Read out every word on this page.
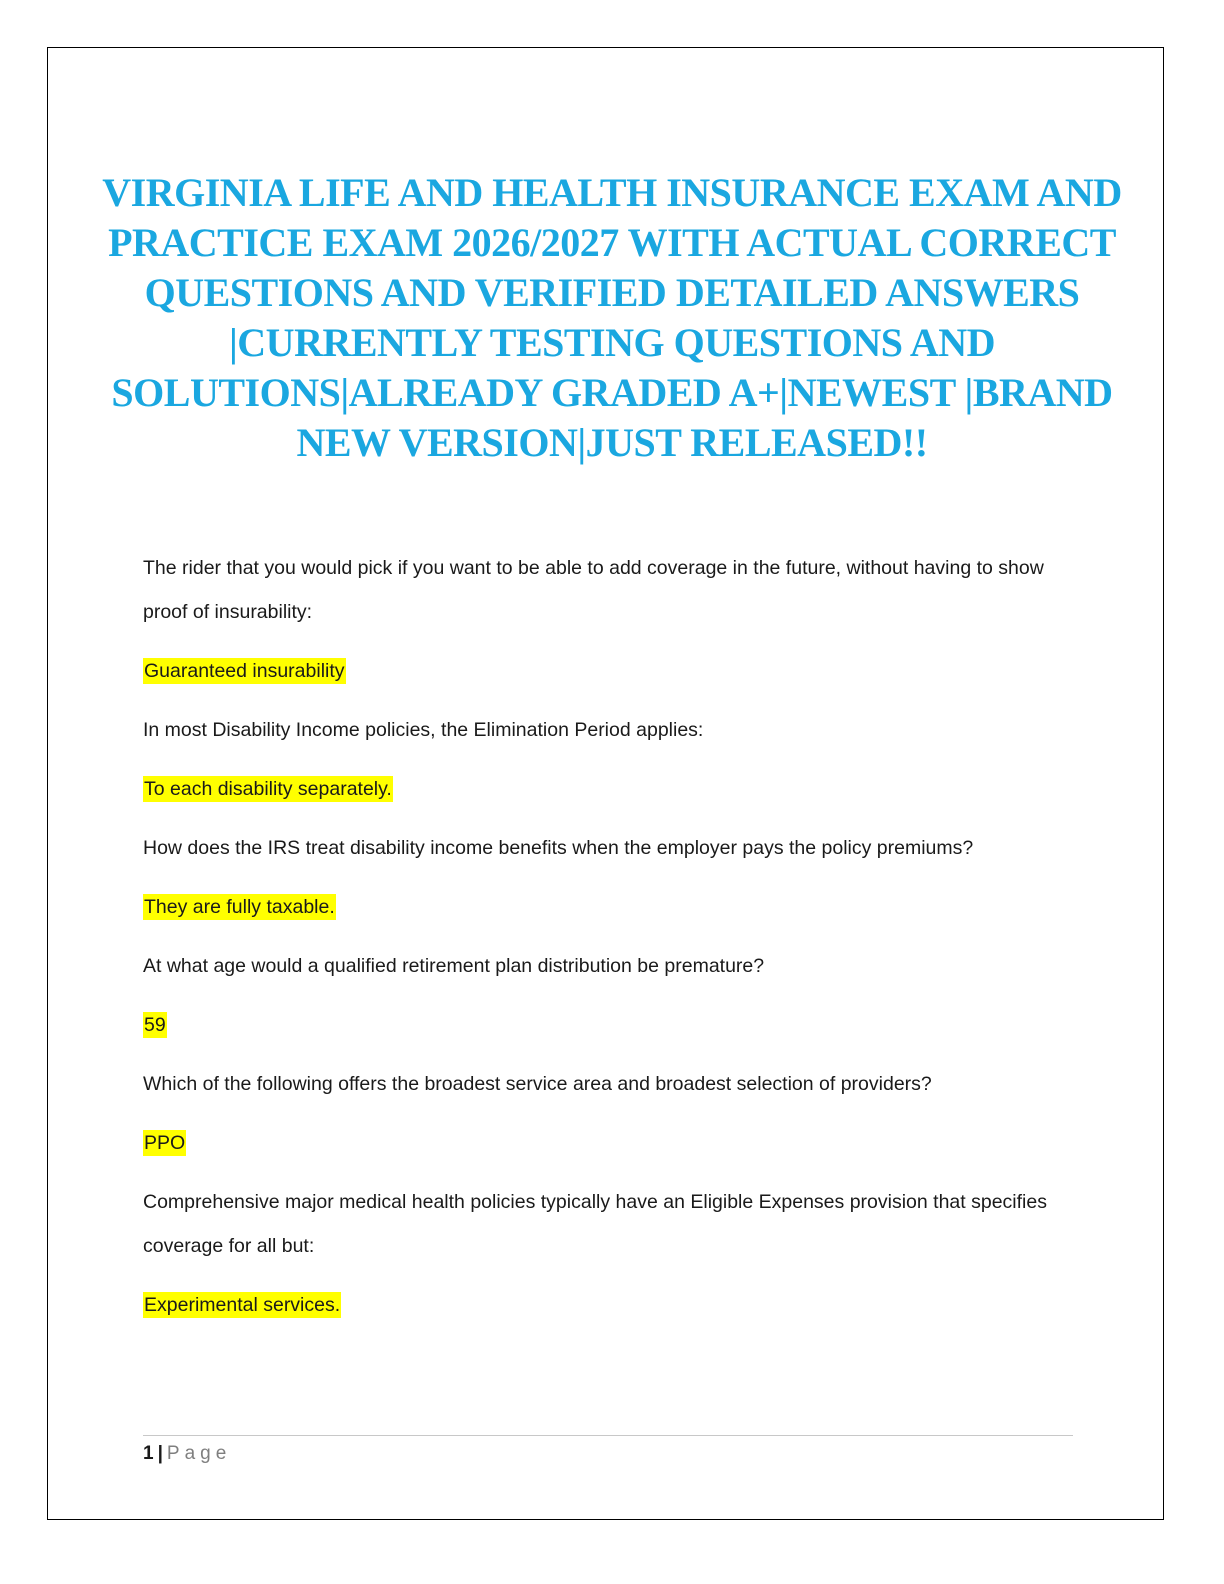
VIRGINIA LIFE AND HEALTH INSURANCE EXAM AND PRACTICE EXAM 2026/2027 WITH ACTUAL CORRECT QUESTIONS AND VERIFIED DETAILED ANSWERS |CURRENTLY TESTING QUESTIONS AND SOLUTIONS|ALREADY GRADED A+|NEWEST |BRAND NEW VERSION|JUST RELEASED!!

The rider that you would pick if you want to be able to add coverage in the future, without having to show proof of insurability:

Guaranteed insurability

In most Disability Income policies, the Elimination Period applies:

To each disability separately.

How does the IRS treat disability income benefits when the employer pays the policy premiums?

They are fully taxable.

At what age would a qualified retirement plan distribution be premature?

59

Which of the following offers the broadest service area and broadest selection of providers?

PPO

Comprehensive major medical health policies typically have an Eligible Expenses provision that specifies coverage for all but:

Experimental services.

1 | Page
